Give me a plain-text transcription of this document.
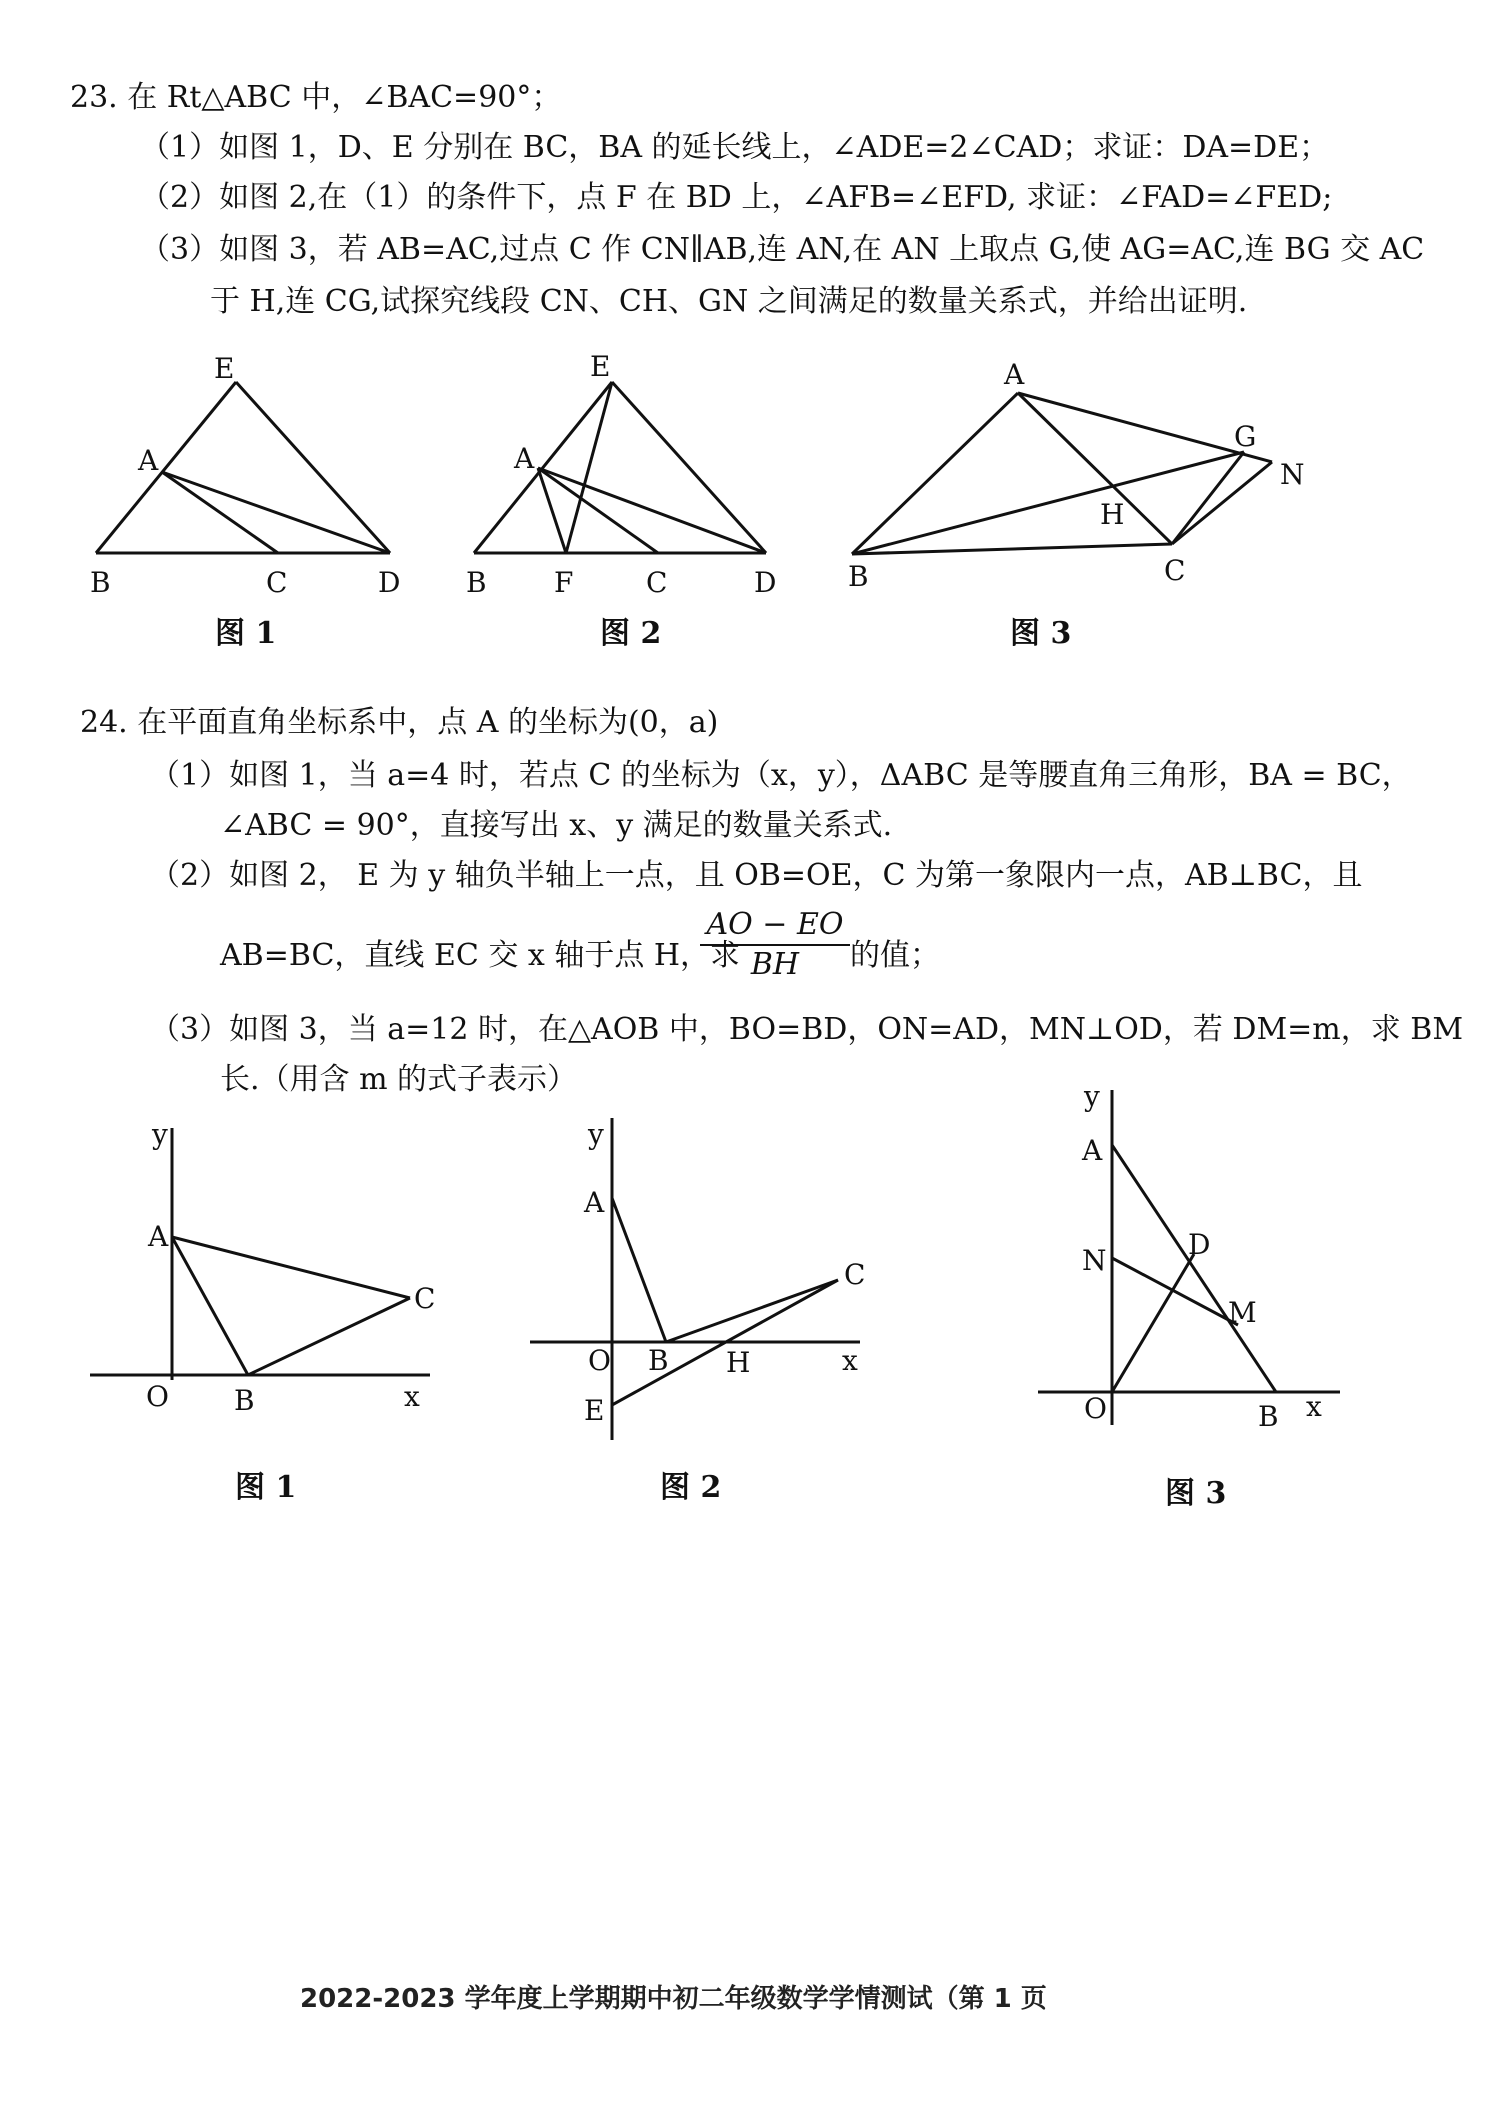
23. 在 Rt△ABC 中，∠BAC=90°；
（1）如图 1，D、E 分别在 BC，BA 的延长线上，∠ADE=2∠CAD；求证：DA=DE；
（2）如图 2,在（1）的条件下，点 F 在 BD 上，∠AFB=∠EFD, 求证：∠FAD=∠FED;
（3）如图 3，若 AB=AC,过点 C 作 CN∥AB,连 AN,在 AN 上取点 G,使 AG=AC,连 BG 交 AC
于 H,连 CG,试探究线段 CN、CH、GN 之间满足的数量关系式，并给出证明.
E
A
B	C	D
图 1
E
A
B F	C	D
图 2
A
G
N
H
B	C
图 3
24. 在平面直角坐标系中，点 A 的坐标为(0，a)
（1）如图 1，当 a=4 时，若点 C 的坐标为（x，y），ΔABC 是等腰直角三角形，BA = BC，
∠ABC = 90°，直接写出 x、y 满足的数量关系式.
（2）如图 2， E 为 y 轴负半轴上一点，且 OB=OE，C 为第一象限内一点，AB⊥BC，且
AB=BC，直线 EC 交 x 轴于点 H，求
$\frac{AO - EO}{BH}$ 的值；
（3）如图 3，当 a=12 时，在△AOB 中，BO=BD，ON=AD，MN⊥OD，若 DM=m，求 BM
长.（用含 m 的式子表示）
y
A
C
O B	x
图 1
y
A
C
O B H	x
E
图 2
y
A
N	D
M
O	B x
图 3
2022-2023 学年度上学期期中初二年级数学学情测试（第 1 页
